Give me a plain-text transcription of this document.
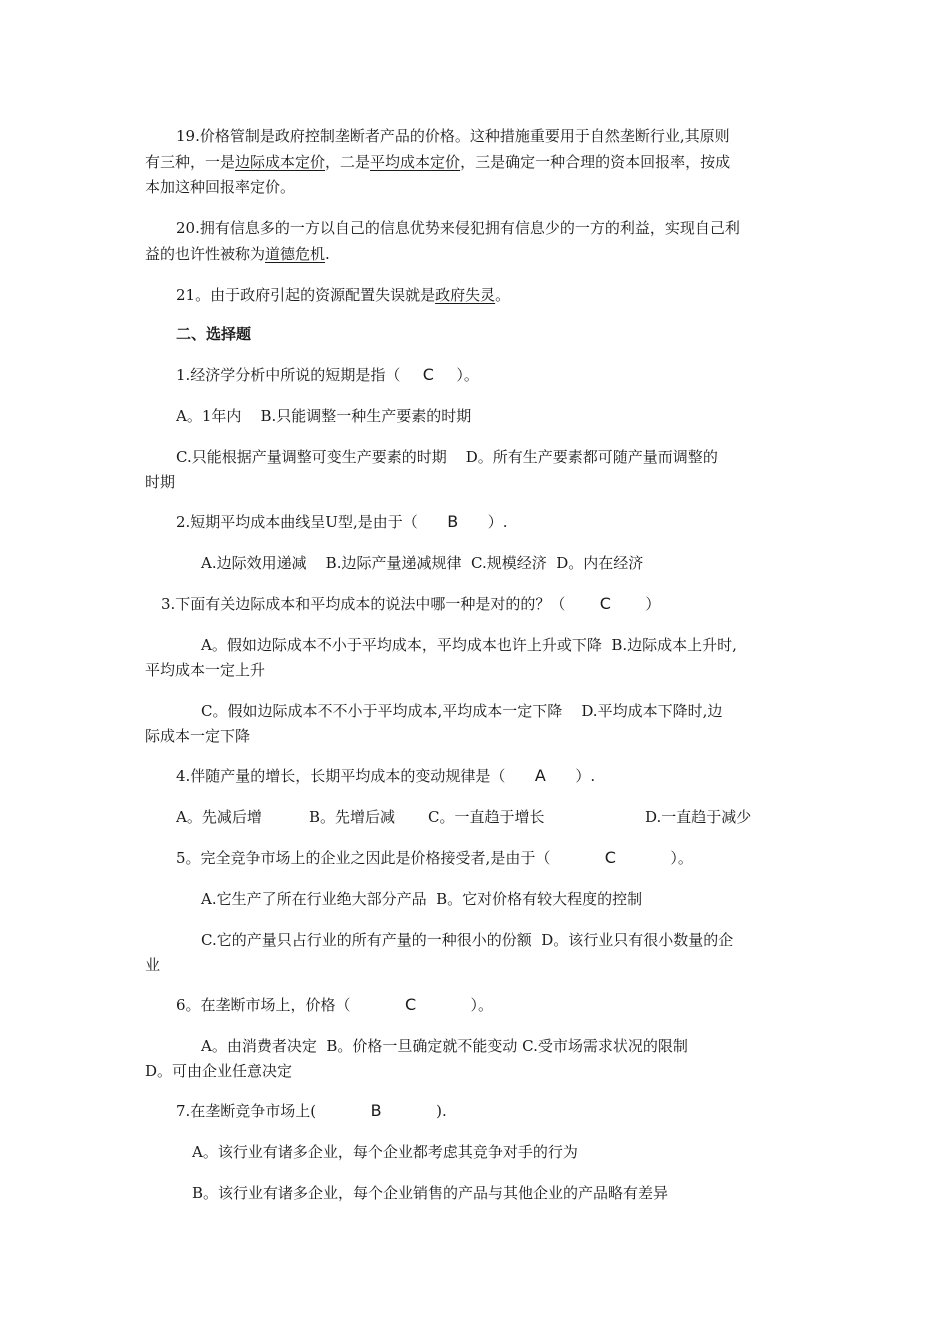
19.价格管制是政府控制垄断者产品的价格。这种措施重要用于自然垄断行业,其原则
有三种，一是边际成本定价，二是平均成本定价，三是确定一种合理的资本回报率，按成
本加这种回报率定价。
20.拥有信息多的一方以自己的信息优势来侵犯拥有信息少的一方的利益，实现自己利
益的也许性被称为道德危机.
21。由于政府引起的资源配置失误就是政府失灵。
二、选择题
1.经济学分析中所说的短期是指（ C ）。
A。1年内    B.只能调整一种生产要素的时期
C.只能根据产量调整可变生产要素的时期    D。所有生产要素都可随产量而调整的
时期
2.短期平均成本曲线呈U型,是由于（ B ）.
A.边际效用递减    B.边际产量递减规律  C.规模经济  D。内在经济
3.下面有关边际成本和平均成本的说法中哪一种是对的的？（ C ）
A。假如边际成本不小于平均成本，平均成本也许上升或下降  B.边际成本上升时,
平均成本一定上升
C。假如边际成本不不小于平均成本,平均成本一定下降    D.平均成本下降时,边
际成本一定下降
4.伴随产量的增长，长期平均成本的变动规律是（ A ）.
A。先减后增	B。先增后减 C。一直趋于增长	D.一直趋于减少
5。完全竞争市场上的企业之因此是价格接受者,是由于（	C	）。
A.它生产了所在行业绝大部分产品  B。它对价格有较大程度的控制
C.它的产量只占行业的所有产量的一种很小的份额  D。该行业只有很小数量的企
业
6。在垄断市场上，价格（	C	）。
A。由消费者决定  B。价格一旦确定就不能变动 C.受市场需求状况的限制
D。可由企业任意决定
7.在垄断竞争市场上(	B	).
A。该行业有诸多企业，每个企业都考虑其竞争对手的行为
B。该行业有诸多企业，每个企业销售的产品与其他企业的产品略有差异
